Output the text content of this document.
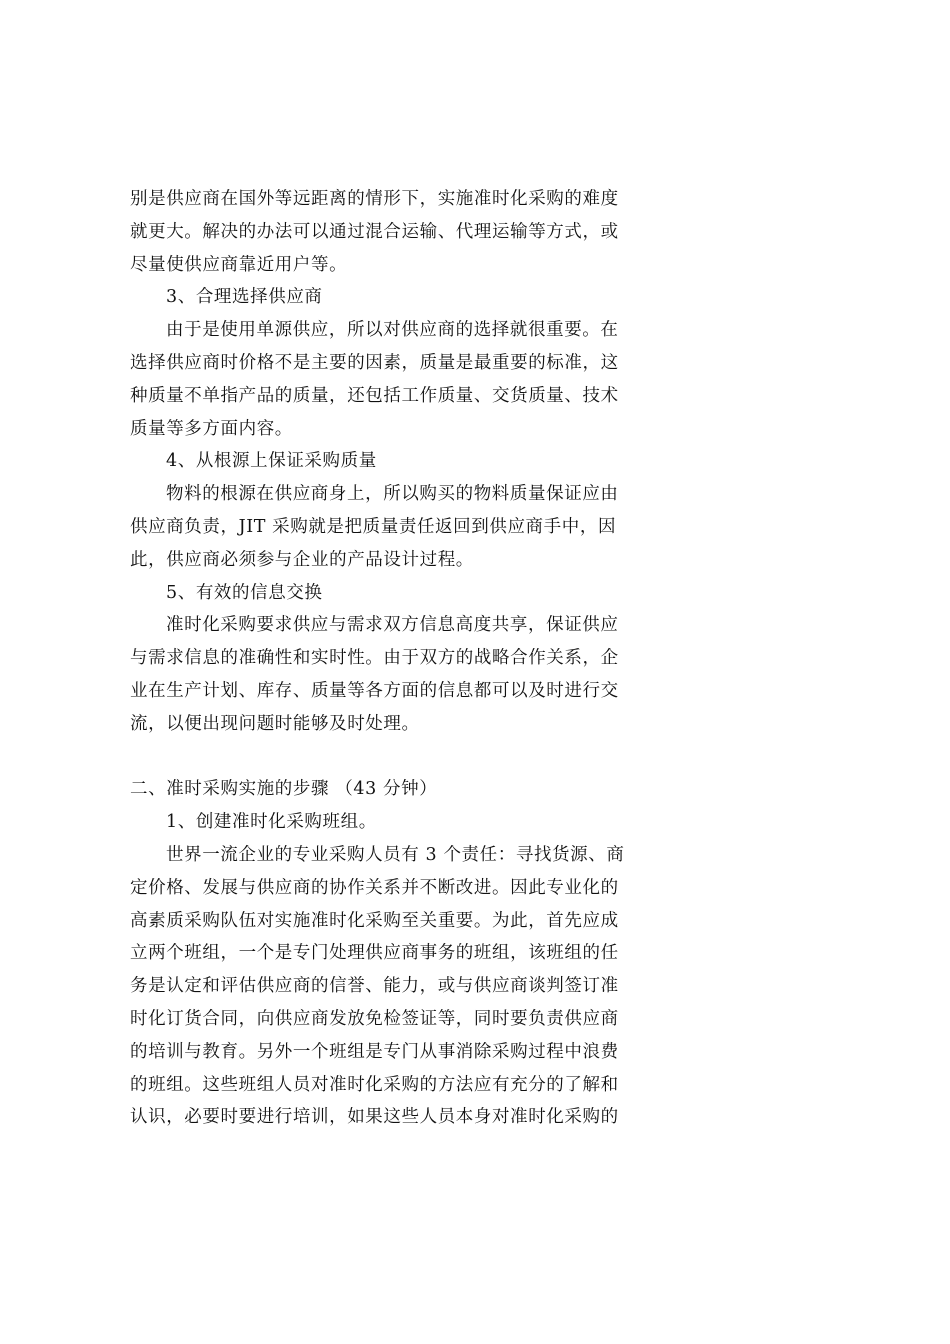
别是供应商在国外等远距离的情形下，实施准时化采购的难度
就更大。解决的办法可以通过混合运输、代理运输等方式，或
尽量使供应商靠近用户等。
3、合理选择供应商
由于是使用单源供应，所以对供应商的选择就很重要。在
选择供应商时价格不是主要的因素，质量是最重要的标准，这
种质量不单指产品的质量，还包括工作质量、交货质量、技术
质量等多方面内容。
4、从根源上保证采购质量
物料的根源在供应商身上，所以购买的物料质量保证应由
供应商负责，JIT 采购就是把质量责任返回到供应商手中，因
此，供应商必须参与企业的产品设计过程。
5、有效的信息交换
准时化采购要求供应与需求双方信息高度共享，保证供应
与需求信息的准确性和实时性。由于双方的战略合作关系，企
业在生产计划、库存、质量等各方面的信息都可以及时进行交
流，以便出现问题时能够及时处理。
二、准时采购实施的步骤 （43 分钟）
1、创建准时化采购班组。
世界一流企业的专业采购人员有 3 个责任：寻找货源、商
定价格、发展与供应商的协作关系并不断改进。因此专业化的
高素质采购队伍对实施准时化采购至关重要。为此，首先应成
立两个班组，一个是专门处理供应商事务的班组，该班组的任
务是认定和评估供应商的信誉、能力，或与供应商谈判签订准
时化订货合同，向供应商发放免检签证等，同时要负责供应商
的培训与教育。另外一个班组是专门从事消除采购过程中浪费
的班组。这些班组人员对准时化采购的方法应有充分的了解和
认识，必要时要进行培训，如果这些人员本身对准时化采购的
